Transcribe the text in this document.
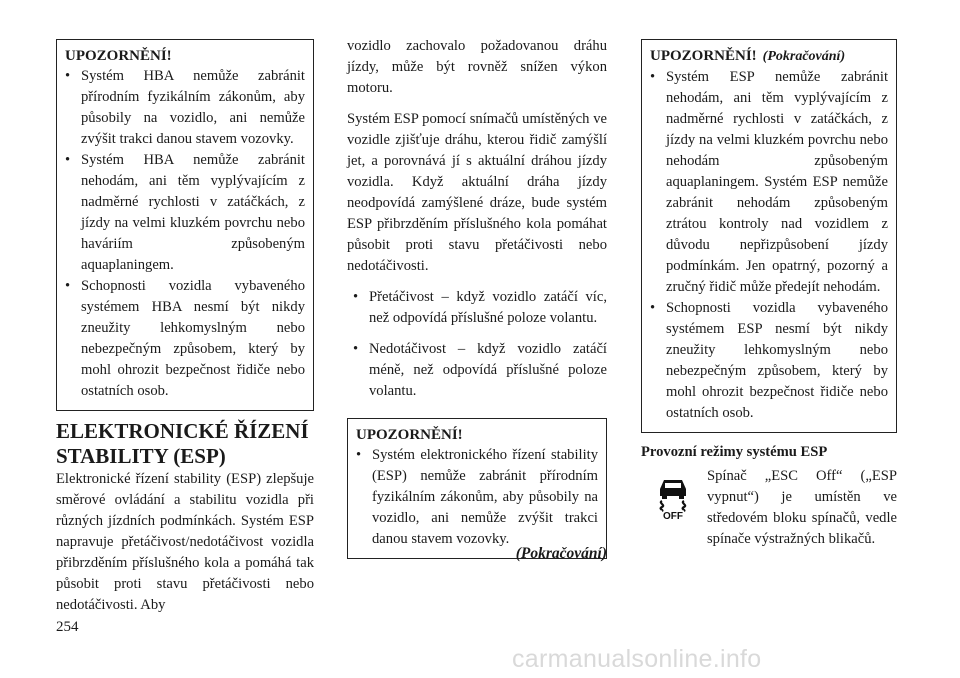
UPOZORNĚNÍ!
• Systém HBA nemůže zabránit přírodním fyzikálním zákonům, aby působily na vozidlo, ani nemůže zvýšit trakci danou stavem vozovky.
• Systém HBA nemůže zabránit nehodám, ani těm vyplývajícím z nadměrné rychlosti v zatáčkách, z jízdy na velmi kluzkém povrchu nebo haváriím způsobeným aquaplaningem.
• Schopnosti vozidla vybaveného systémem HBA nesmí být nikdy zneužity lehkomyslným nebo nebezpečným způsobem, který by mohl ohrozit bezpečnost řidiče nebo ostatních osob.
ELEKTRONICKÉ ŘÍZENÍ
STABILITY (ESP)

Elektronické řízení stability (ESP) zlepšuje směrové ovládání a stabilitu vozidla při různých jízdních podmínkách. Systém ESP napravuje přetáčivost/nedotáčivost vozidla přibrzděním příslušného kola a pomáhá tak působit proti stavu přetáčivosti nebo nedotáčivosti. Aby

vozidlo zachovalo požadovanou dráhu jízdy, může být rovněž snížen výkon motoru.

Systém ESP pomocí snímačů umístěných ve vozidle zjišťuje dráhu, kterou řidič zamýšlí jet, a porovnává jí s aktuální dráhou jízdy vozidla. Když aktuální dráha jízdy neodpovídá zamýšlené dráze, bude systém ESP přibrzděním příslušného kola pomáhat působit proti stavu přetáčivosti nebo nedotáčivosti.

• Přetáčivost – když vozidlo zatáčí víc, než odpovídá příslušné poloze volantu.
• Nedotáčivost – když vozidlo zatáčí méně, než odpovídá příslušné poloze volantu.
UPOZORNĚNÍ!
• Systém elektronického řízení stability (ESP) nemůže zabránit přírodním fyzikálním zákonům, aby působily na vozidlo, ani nemůže zvýšit trakci danou stavem vozovky.
(Pokračování)
UPOZORNĚNÍ! (Pokračování)
• Systém ESP nemůže zabránit nehodám, ani těm vyplývajícím z nadměrné rychlosti v zatáčkách, z jízdy na velmi kluzkém povrchu nebo nehodám způsobeným aquaplaningem. Systém ESP nemůže zabránit nehodám způsobeným ztrátou kontroly nad vozidlem z důvodu nepřizpůsobení jízdy podmínkám. Jen opatrný, pozorný a zručný řidič může předejít nehodám.
• Schopnosti vozidla vybaveného systémem ESP nesmí být nikdy zneužity lehkomyslným nebo nebezpečným způsobem, který by mohl ohrozit bezpečnost řidiče nebo ostatních osob.
Provozní režimy systému ESP
OFF
Spínač „ESC Off“ („ESP vypnut“) je umístěn ve středovém bloku spínačů, vedle spínače výstražných blikačů.
254
carmanualsonline.info
